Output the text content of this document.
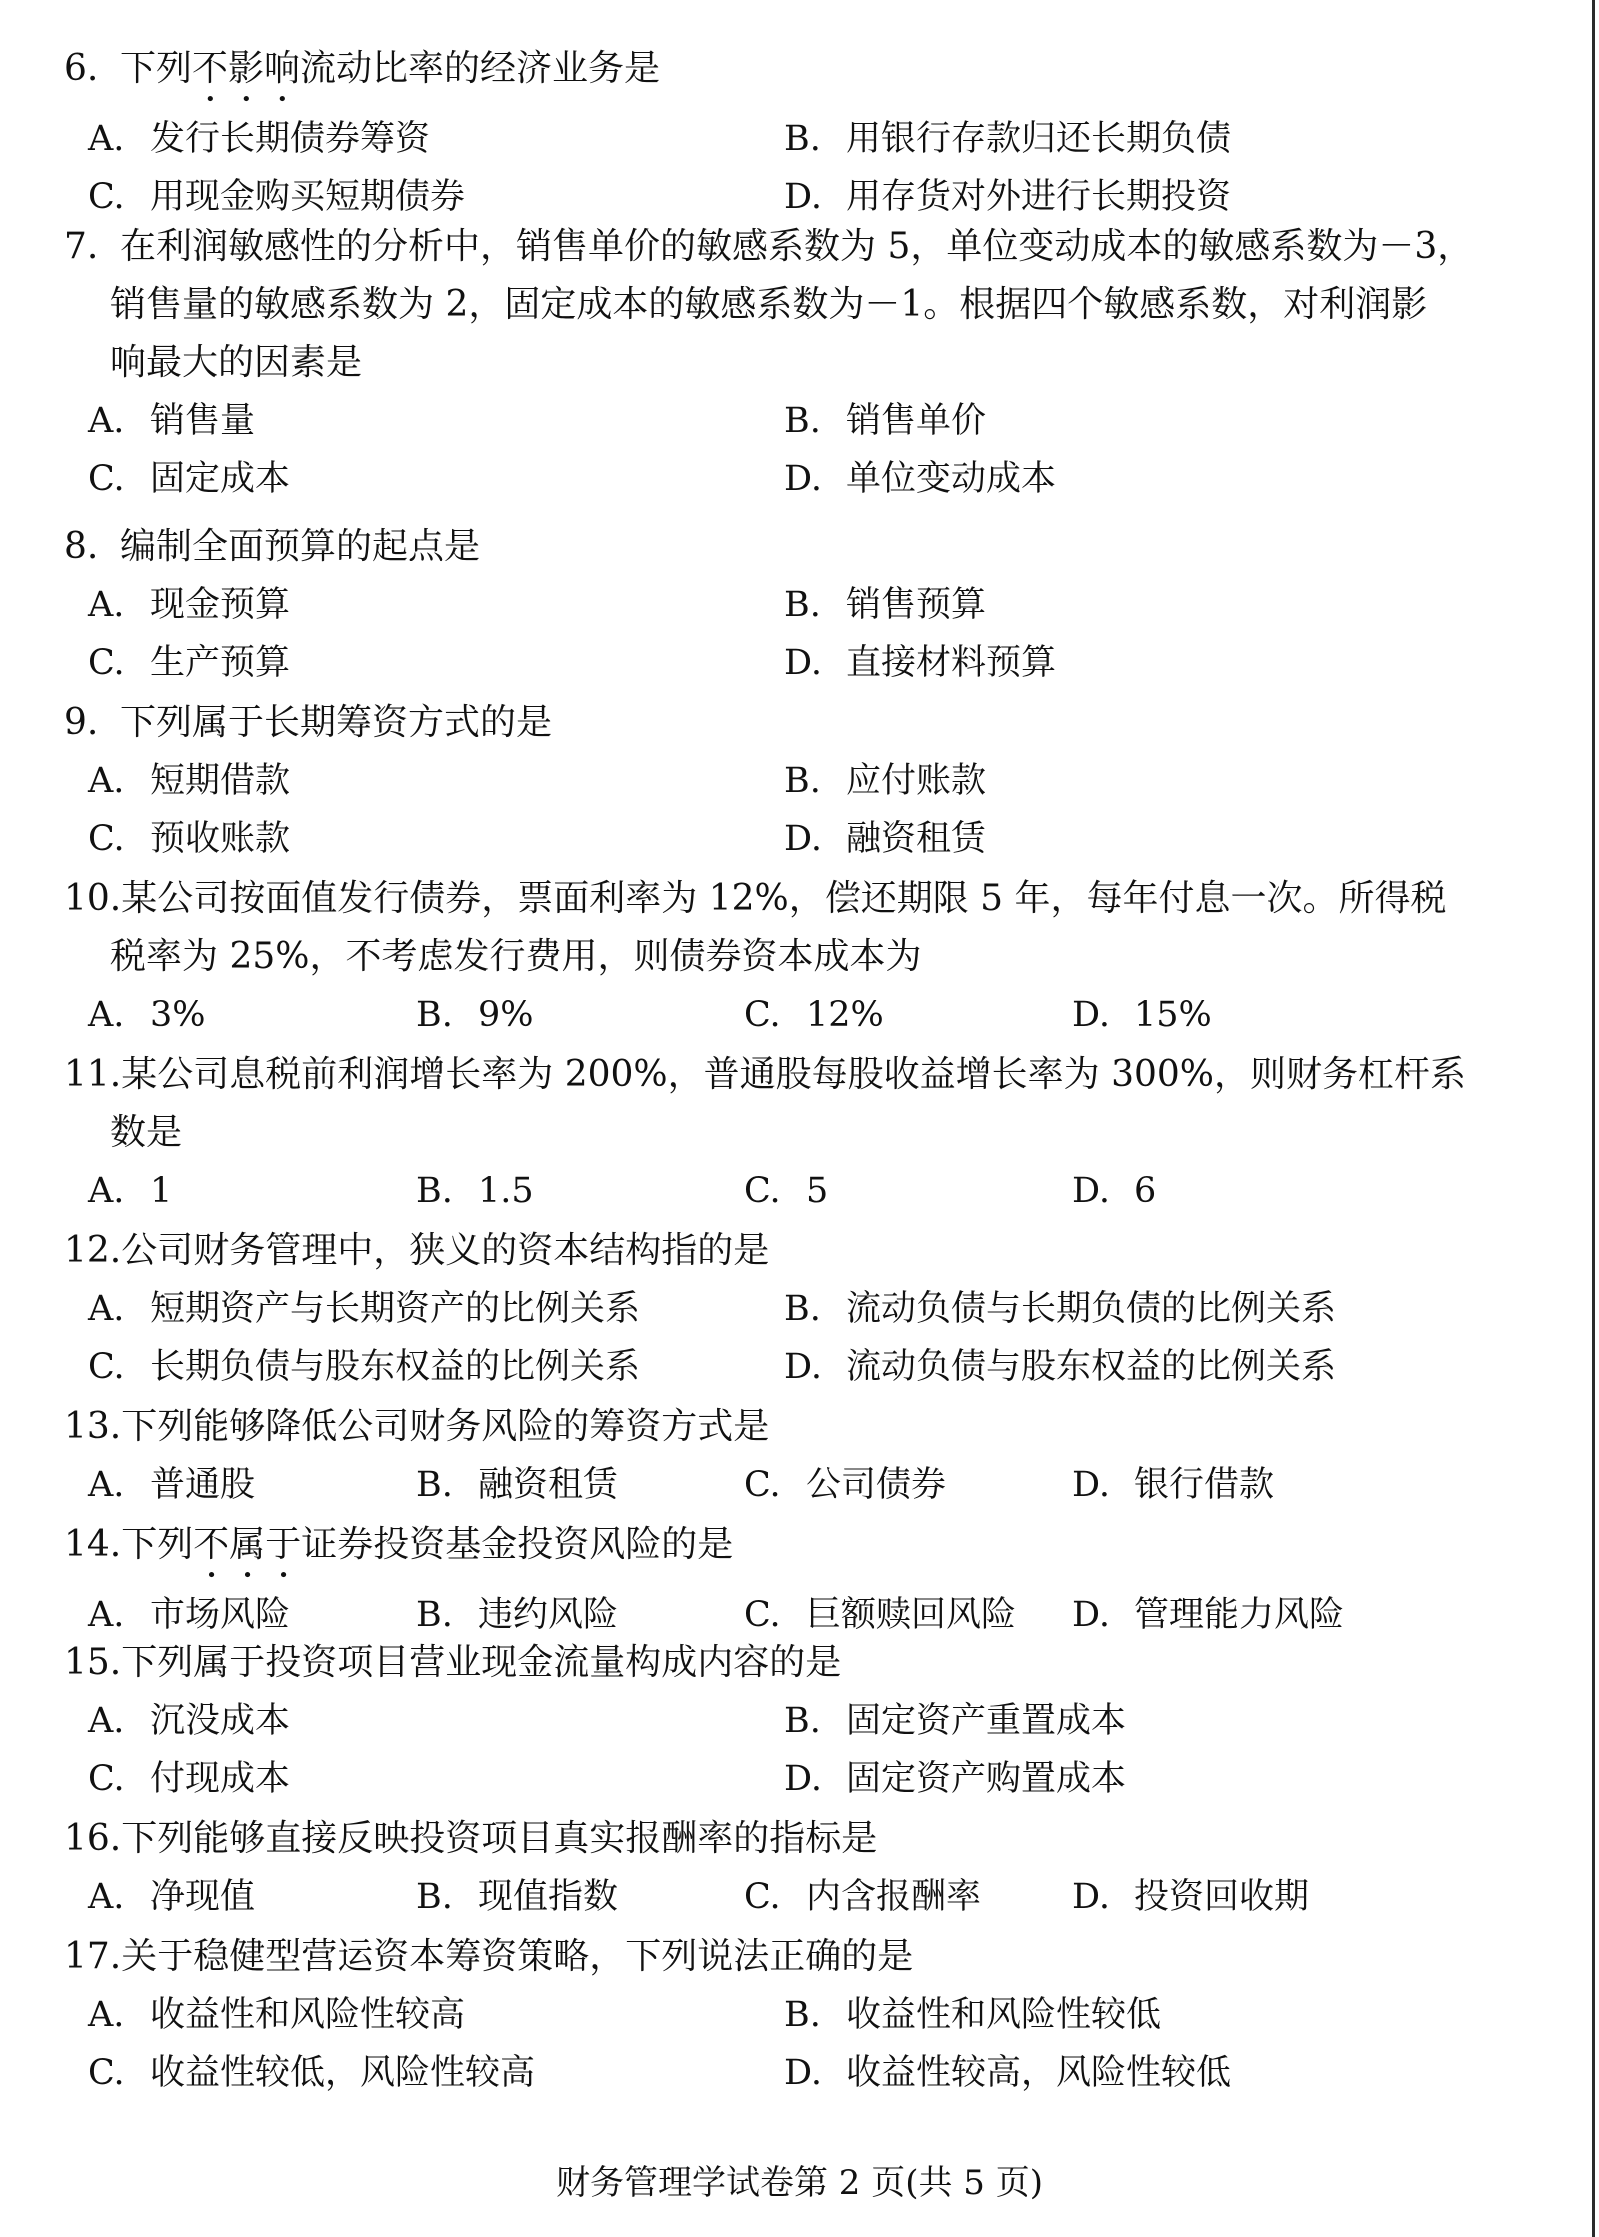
6. 下列不影响流动比率的经济业务是
A. 发行长期债券筹资	B. 用银行存款归还长期负债
C. 用现金购买短期债券	D. 用存货对外进行长期投资
7. 在利润敏感性的分析中，销售单价的敏感系数为 5，单位变动成本的敏感系数为－3，
销售量的敏感系数为 2，固定成本的敏感系数为－1。根据四个敏感系数，对利润影
响最大的因素是
A. 销售量	B. 销售单价
C. 固定成本	D. 单位变动成本
8. 编制全面预算的起点是
A. 现金预算	B. 销售预算
C. 生产预算	D. 直接材料预算
9. 下列属于长期筹资方式的是
A. 短期借款	B. 应付账款
C. 预收账款	D. 融资租赁
10.某公司按面值发行债券，票面利率为 12%，偿还期限 5 年，每年付息一次。所得税
税率为 25%，不考虑发行费用，则债券资本成本为
A. 3%	B. 9%	C. 12%	D. 15%
11.某公司息税前利润增长率为 200%，普通股每股收益增长率为 300%，则财务杠杆系
数是
A. 1	B. 1.5	C. 5	D. 6
12.公司财务管理中，狭义的资本结构指的是
A. 短期资产与长期资产的比例关系	B. 流动负债与长期负债的比例关系
C. 长期负债与股东权益的比例关系	D. 流动负债与股东权益的比例关系
13.下列能够降低公司财务风险的筹资方式是
A. 普通股	B. 融资租赁	C. 公司债券	D. 银行借款
14.下列不属于证券投资基金投资风险的是
A. 市场风险	B. 违约风险	C. 巨额赎回风险 D. 管理能力风险
15.下列属于投资项目营业现金流量构成内容的是
A. 沉没成本	B. 固定资产重置成本
C. 付现成本	D. 固定资产购置成本
16.下列能够直接反映投资项目真实报酬率的指标是
A. 净现值	B. 现值指数	C. 内含报酬率	D. 投资回收期
17.关于稳健型营运资本筹资策略，下列说法正确的是
A. 收益性和风险性较高	B. 收益性和风险性较低
C. 收益性较低，风险性较高	D. 收益性较高，风险性较低
财务管理学试卷第 2 页(共 5 页)
